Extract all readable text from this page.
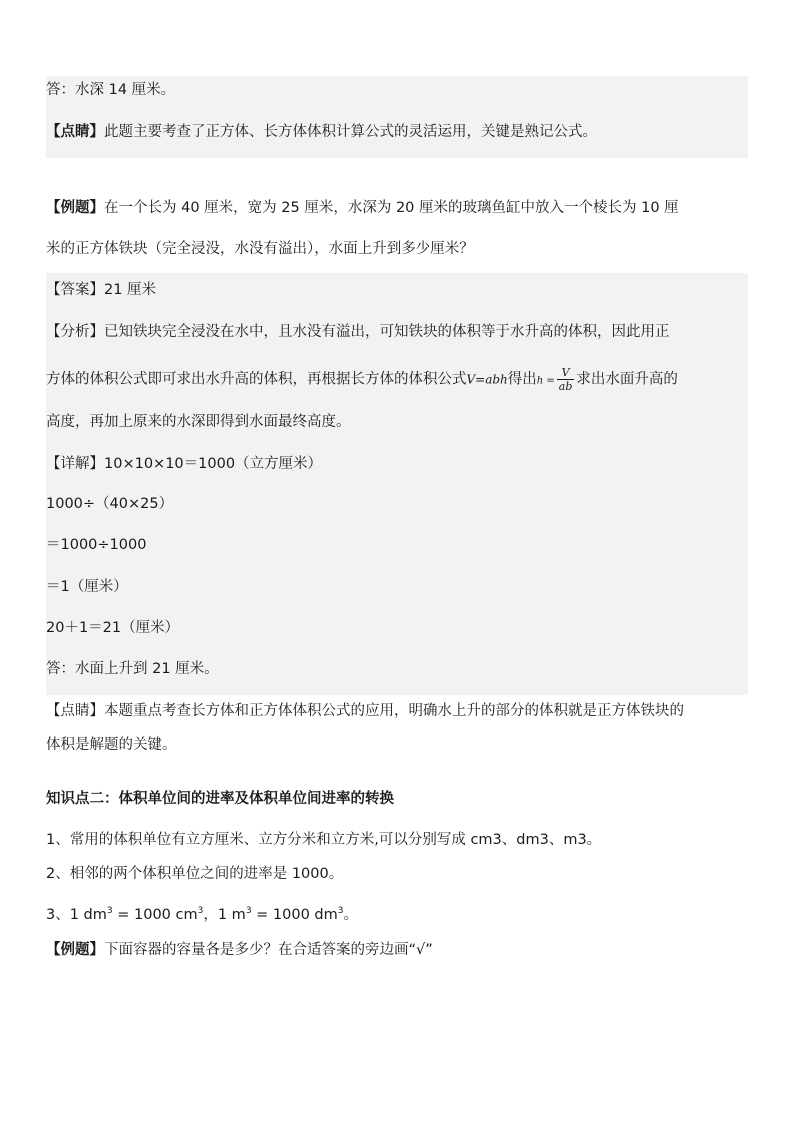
答：水深 14 厘米。
【点睛】此题主要考查了正方体、长方体体积计算公式的灵活运用，关键是熟记公式。
【例题】在一个长为 40 厘米，宽为 25 厘米，水深为 20 厘米的玻璃鱼缸中放入一个棱长为 10 厘
米的正方体铁块（完全浸没，水没有溢出），水面上升到多少厘米？
【答案】21 厘米
【分析】已知铁块完全浸没在水中，且水没有溢出，可知铁块的体积等于水升高的体积，因此用正
方体的体积公式即可求出水升高的体积，再根据长方体的体积公式V=abh得出$h = \frac{V}{ab}$ 求出水面升高的
高度，再加上原来的水深即得到水面最终高度。
【详解】10×10×10＝1000（立方厘米）
1000÷（40×25）
＝1000÷1000
＝1（厘米）
20＋1＝21（厘米）
答：水面上升到 21 厘米。
【点睛】本题重点考查长方体和正方体体积公式的应用，明确水上升的部分的体积就是正方体铁块的
体积是解题的关键。
知识点二：体积单位间的进率及体积单位间进率的转换
1、常用的体积单位有立方厘米、立方分米和立方米,可以分别写成 cm3、dm3、m3。
2、相邻的两个体积单位之间的进率是 1000。
3、1 $dm^3 = 1000$ $cm^3$，1 $m^3 = 1000$ $dm^3$。
【例题】下面容器的容量各是多少？在合适答案的旁边画“√”
